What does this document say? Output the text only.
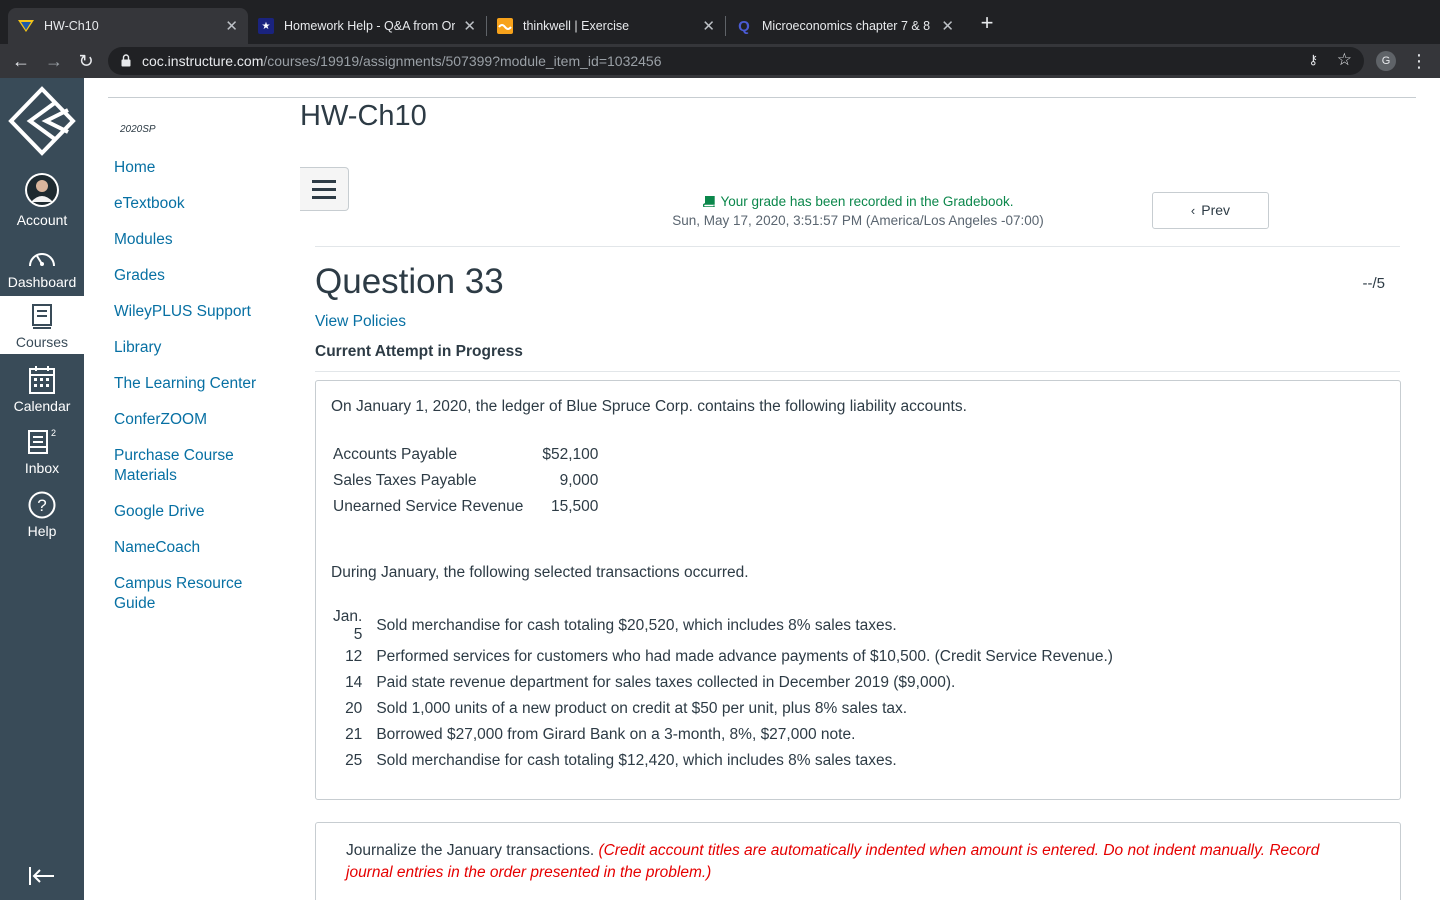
HW-Ch10	✕	★ Homework Help - Q&A from Or ✕	thinkwell | Exercise	✕ Q Microeconomics chapter 7 & 8 ✕ +
← → ↻	coc.instructure.com/courses/19919/assignments/507399?module_item_id=1032456	⚷ ☆	G	⋮
Account
Dashboard
Courses
Calendar
2
Inbox
?
Help
2020SP
Home
eTextbook
Modules
Grades
WileyPLUS Support
Library
The Learning Center
ConferZOOM
Purchase Course Materials
Google Drive
NameCoach
Campus Resource Guide
HW-Ch10
Your grade has been recorded in the Gradebook.
Sun, May 17, 2020, 3:51:57 PM (America/Los Angeles -07:00)
‹ Prev
Question 33	--/5
View Policies
Current Attempt in Progress
On January 1, 2020, the ledger of Blue Spruce Corp. contains the following liability accounts.
Accounts Payable	$52,100
Sales Taxes Payable	9,000
Unearned Service Revenue	15,500
During January, the following selected transactions occurred.
Jan. 5	Sold merchandise for cash totaling $20,520, which includes 8% sales taxes.
12	Performed services for customers who had made advance payments of $10,500. (Credit Service Revenue.)
14	Paid state revenue department for sales taxes collected in December 2019 ($9,000).
20	Sold 1,000 units of a new product on credit at $50 per unit, plus 8% sales tax.
21	Borrowed $27,000 from Girard Bank on a 3-month, 8%, $27,000 note.
25	Sold merchandise for cash totaling $12,420, which includes 8% sales taxes.
Journalize the January transactions. (Credit account titles are automatically indented when amount is entered. Do not indent manually. Record journal entries in the order presented in the problem.)
